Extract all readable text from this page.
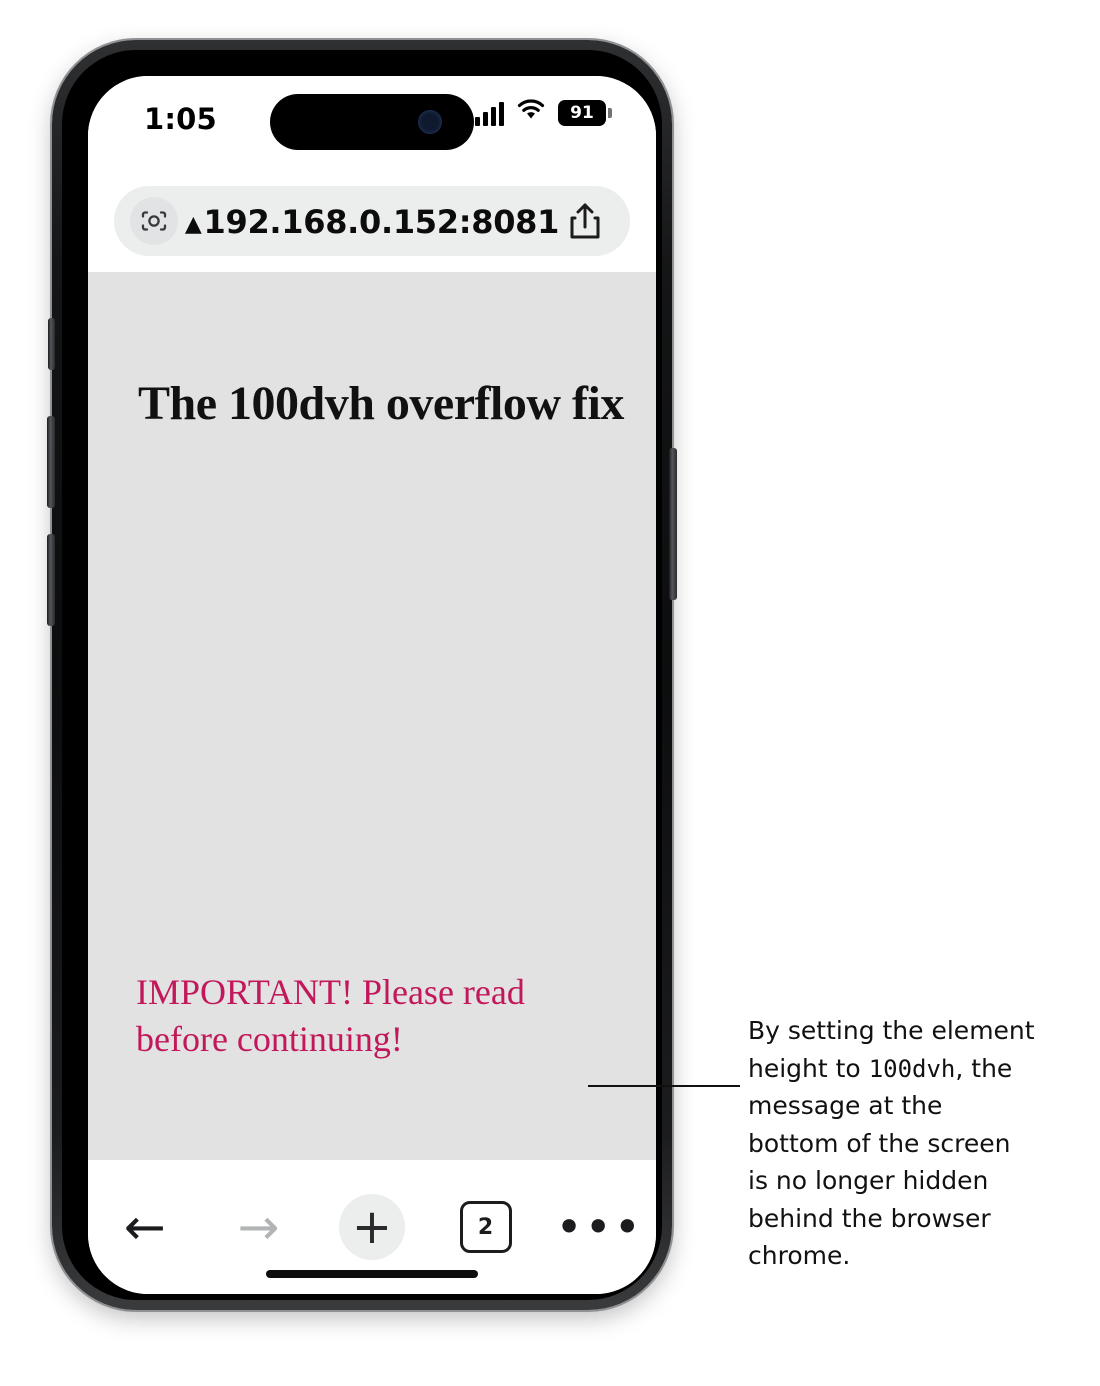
1:05	91
▲192.168.0.152:8081
The 100dvh overflow fix

IMPORTANT! Please read before continuing!

← → +	2	•••
By setting the element height to 100dvh, the message at the bottom of the screen is no longer hidden behind the browser chrome.
